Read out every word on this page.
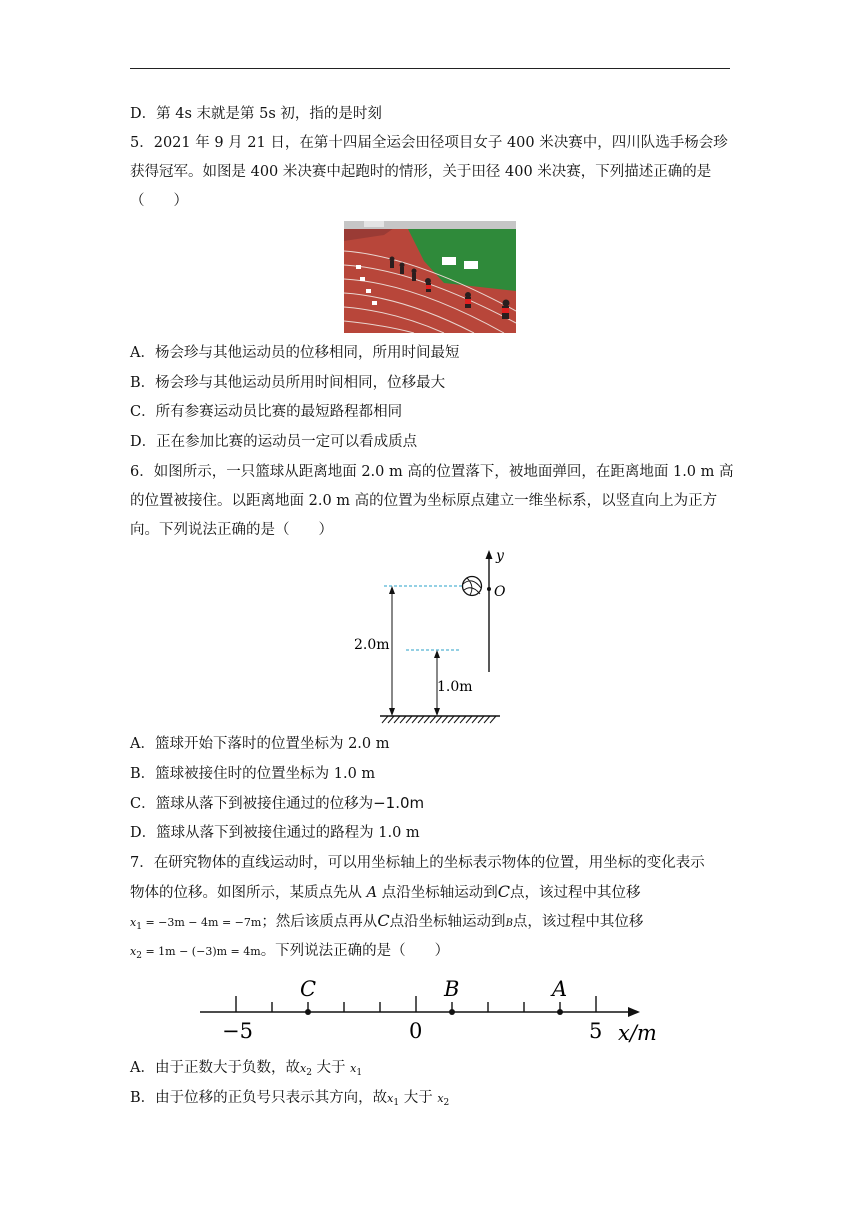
D．第 4s 末就是第 5s 初，指的是时刻
5．2021 年 9 月 21 日，在第十四届全运会田径项目女子 400 米决赛中，四川队选手杨会珍
获得冠军。如图是 400 米决赛中起跑时的情形，关于田径 400 米决赛，下列描述正确的是
（　　）
A．杨会珍与其他运动员的位移相同，所用时间最短
B．杨会珍与其他运动员所用时间相同，位移最大
C．所有参赛运动员比赛的最短路程都相同
D．正在参加比赛的运动员一定可以看成质点
6．如图所示，一只篮球从距离地面 2.0 m 高的位置落下，被地面弹回，在距离地面 1.0 m 高
的位置被接住。以距离地面 2.0 m 高的位置为坐标原点建立一维坐标系，以竖直向上为正方
向。下列说法正确的是（　　）
y
O
2.0m
1.0m
A．篮球开始下落时的位置坐标为 2.0 m
B．篮球被接住时的位置坐标为 1.0 m
C．篮球从落下到被接住通过的位移为−1.0m
D．篮球从落下到被接住通过的路程为 1.0 m
7．在研究物体的直线运动时，可以用坐标轴上的坐标表示物体的位置，用坐标的变化表示
物体的位移。如图所示，某质点先从 A 点沿坐标轴运动到C点，该过程中其位移
$x_1 = -3m - 4m = -7m$；然后该质点再从C点沿坐标轴运动到B点，该过程中其位移
$x_2 = 1m - (-3)m = 4m$。下列说法正确的是（　　）
C	B	A
−5	0	5 x/m
A．由于正数大于负数，故$x_2$ 大于 $x_1$
B．由于位移的正负号只表示其方向，故$x_1$ 大于 $x_2$
